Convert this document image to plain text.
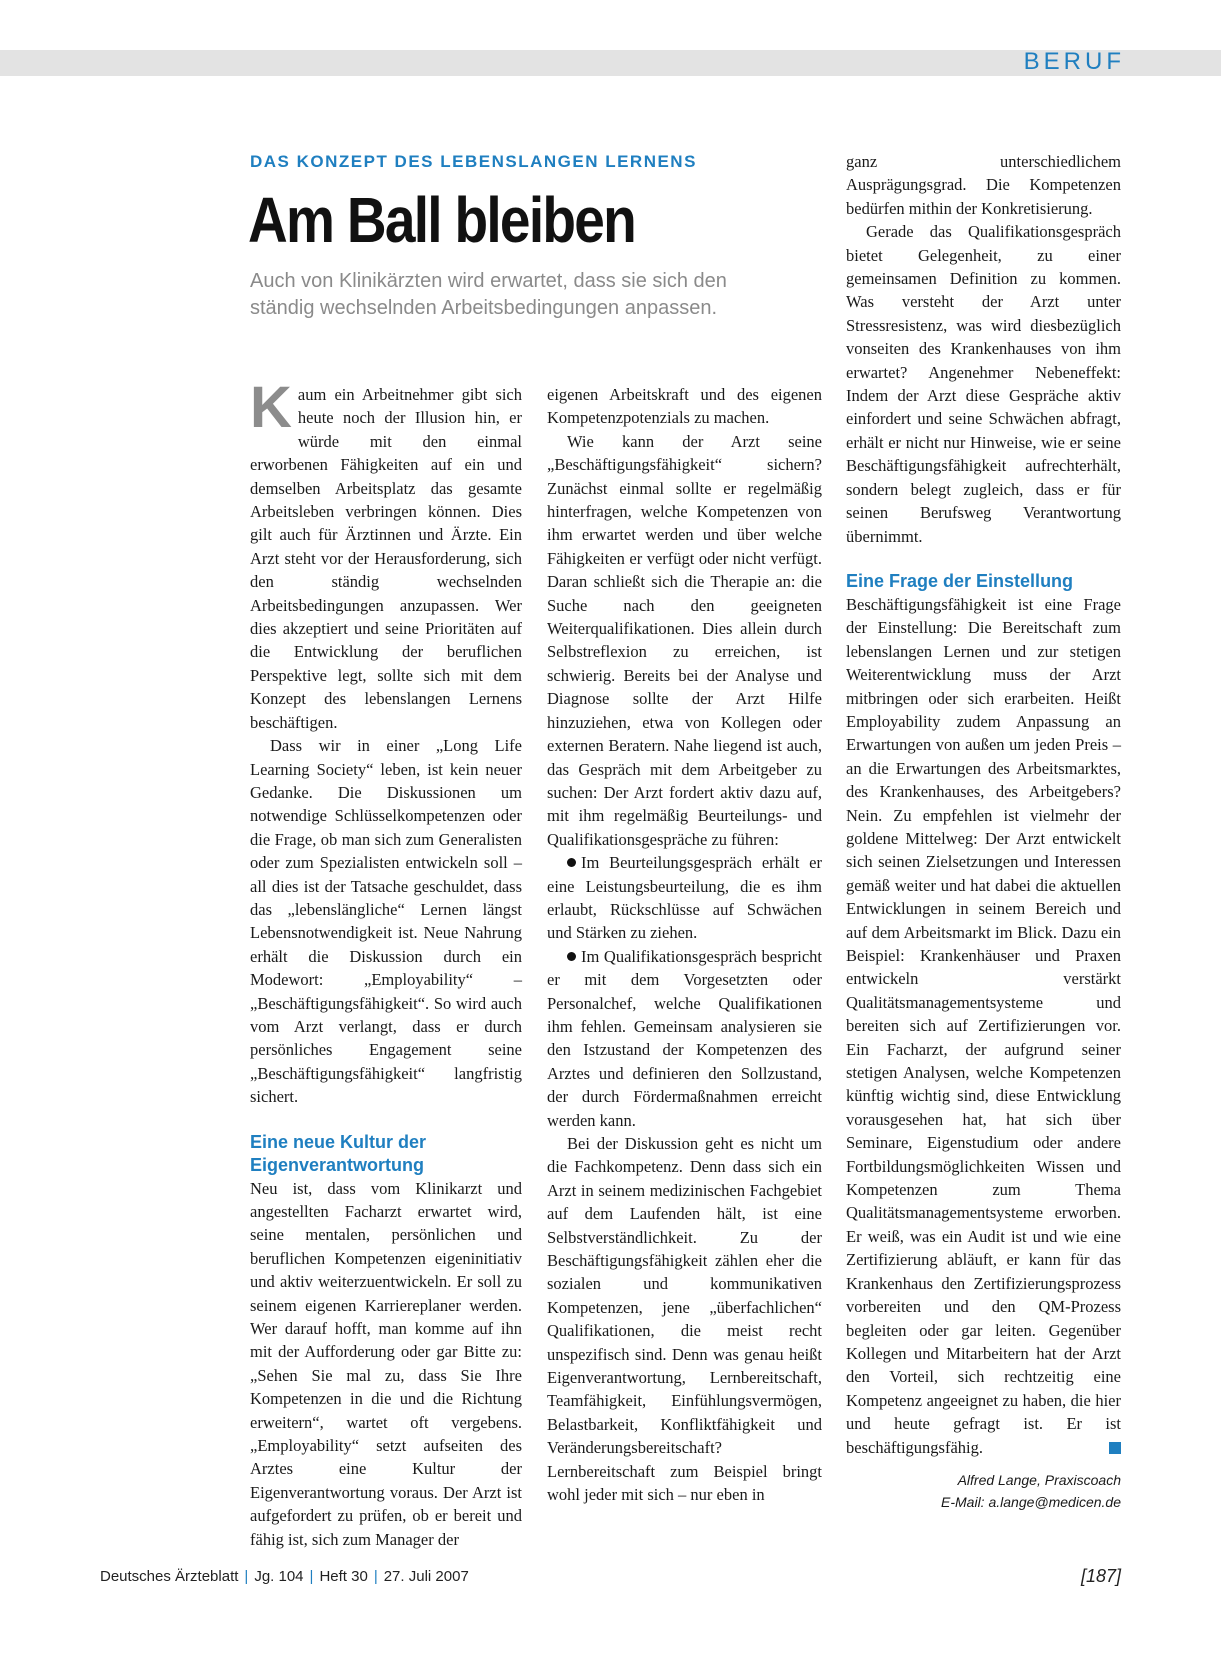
BERUF
DAS KONZEPT DES LEBENSLANGEN LERNENS
Am Ball bleiben
Auch von Klinikärzten wird erwartet, dass sie sich den
ständig wechselnden Arbeitsbedingungen anpassen.

Kaum ein Arbeitnehmer gibt sich heute noch der Illusion hin, er würde mit den einmal erworbenen Fähigkeiten auf ein und demselben Arbeitsplatz das gesamte Arbeitsleben verbringen können. Dies gilt auch für Ärztinnen und Ärzte. Ein Arzt steht vor der Herausforderung, sich den ständig wechselnden Arbeitsbedingungen anzupassen. Wer dies akzeptiert und seine Prioritäten auf die Entwicklung der beruflichen Perspektive legt, sollte sich mit dem Konzept des lebenslangen Lernens beschäftigen.

Dass wir in einer „Long Life Learning Society“ leben, ist kein neuer Gedanke. Die Diskussionen um notwendige Schlüsselkompetenzen oder die Frage, ob man sich zum Generalisten oder zum Spezialisten entwickeln soll – all dies ist der Tatsache geschuldet, dass das „lebenslängliche“ Lernen längst Lebensnotwendigkeit ist. Neue Nahrung erhält die Diskussion durch ein Modewort: „Employability“ – „Beschäftigungsfähigkeit“. So wird auch vom Arzt verlangt, dass er durch persönliches Engagement seine „Beschäftigungsfähigkeit“ langfristig sichert.

Eine neue Kultur der Eigenverantwortung

Neu ist, dass vom Klinikarzt und angestellten Facharzt erwartet wird, seine mentalen, persönlichen und beruflichen Kompetenzen eigeninitiativ und aktiv weiterzuentwickeln. Er soll zu seinem eigenen Karriereplaner werden. Wer darauf hofft, man komme auf ihn mit der Aufforderung oder gar Bitte zu: „Sehen Sie mal zu, dass Sie Ihre Kompetenzen in die und die Richtung erweitern“, wartet oft vergebens. „Employability“ setzt aufseiten des Arztes eine Kultur der Eigenverantwortung voraus. Der Arzt ist aufgefordert zu prüfen, ob er bereit und fähig ist, sich zum Manager der

eigenen Arbeitskraft und des eigenen Kompetenzpotenzials zu machen.

Wie kann der Arzt seine „Beschäftigungsfähigkeit“ sichern? Zunächst einmal sollte er regelmäßig hinterfragen, welche Kompetenzen von ihm erwartet werden und über welche Fähigkeiten er verfügt oder nicht verfügt. Daran schließt sich die Therapie an: die Suche nach den geeigneten Weiterqualifikationen. Dies allein durch Selbstreflexion zu erreichen, ist schwierig. Bereits bei der Analyse und Diagnose sollte der Arzt Hilfe hinzuziehen, etwa von Kollegen oder externen Beratern. Nahe liegend ist auch, das Gespräch mit dem Arbeitgeber zu suchen: Der Arzt fordert aktiv dazu auf, mit ihm regelmäßig Beurteilungs- und Qualifikationsgespräche zu führen:

Im Beurteilungsgespräch erhält er eine Leistungsbeurteilung, die es ihm erlaubt, Rückschlüsse auf Schwächen und Stärken zu ziehen.

Im Qualifikationsgespräch bespricht er mit dem Vorgesetzten oder Personalchef, welche Qualifikationen ihm fehlen. Gemeinsam analysieren sie den Istzustand der Kompetenzen des Arztes und definieren den Sollzustand, der durch Fördermaßnahmen erreicht werden kann.

Bei der Diskussion geht es nicht um die Fachkompetenz. Denn dass sich ein Arzt in seinem medizinischen Fachgebiet auf dem Laufenden hält, ist eine Selbstverständlichkeit. Zu der Beschäftigungsfähigkeit zählen eher die sozialen und kommunikativen Kompetenzen, jene „überfachlichen“ Qualifikationen, die meist recht unspezifisch sind. Denn was genau heißt Eigenverantwortung, Lernbereitschaft, Teamfähigkeit, Einfühlungsvermögen, Belastbarkeit, Konfliktfähigkeit und Veränderungsbereitschaft? Lernbereitschaft zum Beispiel bringt wohl jeder mit sich – nur eben in

ganz unterschiedlichem Ausprägungsgrad. Die Kompetenzen bedürfen mithin der Konkretisierung.

Gerade das Qualifikationsgespräch bietet Gelegenheit, zu einer gemeinsamen Definition zu kommen. Was versteht der Arzt unter Stressresistenz, was wird diesbezüglich vonseiten des Krankenhauses von ihm erwartet? Angenehmer Nebeneffekt: Indem der Arzt diese Gespräche aktiv einfordert und seine Schwächen abfragt, erhält er nicht nur Hinweise, wie er seine Beschäftigungsfähigkeit aufrechterhält, sondern belegt zugleich, dass er für seinen Berufsweg Verantwortung übernimmt.

Eine Frage der Einstellung

Beschäftigungsfähigkeit ist eine Frage der Einstellung: Die Bereitschaft zum lebenslangen Lernen und zur stetigen Weiterentwicklung muss der Arzt mitbringen oder sich erarbeiten. Heißt Employability zudem Anpassung an Erwartungen von außen um jeden Preis – an die Erwartungen des Arbeitsmarktes, des Krankenhauses, des Arbeitgebers? Nein. Zu empfehlen ist vielmehr der goldene Mittelweg: Der Arzt entwickelt sich seinen Zielsetzungen und Interessen gemäß weiter und hat dabei die aktuellen Entwicklungen in seinem Bereich und auf dem Arbeitsmarkt im Blick. Dazu ein Beispiel: Krankenhäuser und Praxen entwickeln verstärkt Qualitätsmanagementsysteme und bereiten sich auf Zertifizierungen vor. Ein Facharzt, der aufgrund seiner stetigen Analysen, welche Kompetenzen künftig wichtig sind, diese Entwicklung vorausgesehen hat, hat sich über Seminare, Eigenstudium oder andere Fortbildungsmöglichkeiten Wissen und Kompetenzen zum Thema Qualitätsmanagementsysteme erworben. Er weiß, was ein Audit ist und wie eine Zertifizierung abläuft, er kann für das Krankenhaus den Zertifizierungsprozess vorbereiten und den QM-Prozess begleiten oder gar leiten. Gegenüber Kollegen und Mitarbeitern hat der Arzt den Vorteil, sich rechtzeitig eine Kompetenz angeeignet zu haben, die hier und heute gefragt ist. Er ist beschäftigungsfähig.

Alfred Lange, Praxiscoach
E-Mail: a.lange@medicen.de
Deutsches Ärzteblatt | Jg. 104 | Heft 30 | 27. Juli 2007	[187]
